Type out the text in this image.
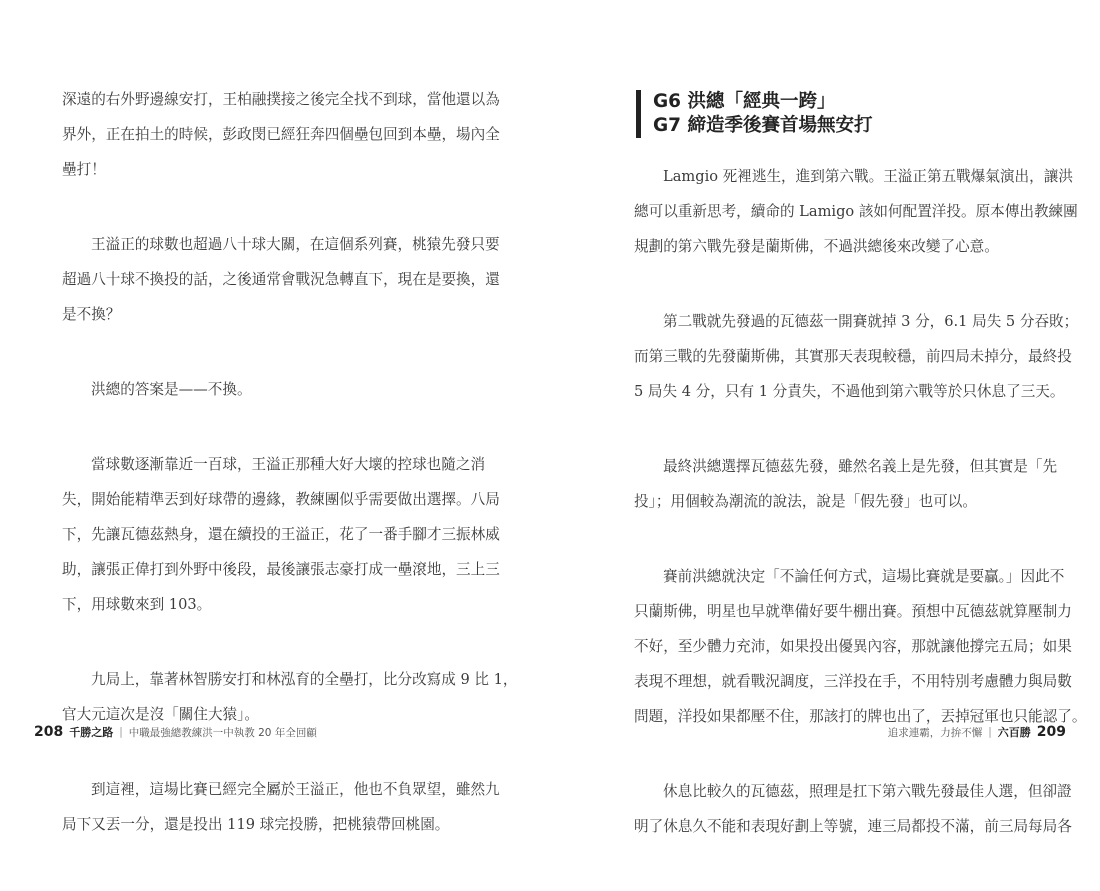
深遠的右外野邊線安打，王柏融撲接之後完全找不到球，當他還以為
界外，正在拍土的時候，彭政閔已經狂奔四個壘包回到本壘，場內全
壘打！
王溢正的球數也超過八十球大關，在這個系列賽，桃猿先發只要
超過八十球不換投的話，之後通常會戰況急轉直下，現在是要換，還
是不換？
洪總的答案是——不換。
當球數逐漸靠近一百球，王溢正那種大好大壞的控球也隨之消
失，開始能精準丟到好球帶的邊緣，教練團似乎需要做出選擇。八局
下，先讓瓦德茲熱身，還在續投的王溢正，花了一番手腳才三振林威
助，讓張正偉打到外野中後段，最後讓張志豪打成一壘滾地，三上三
下，用球數來到 103。
九局上，靠著林智勝安打和林泓育的全壘打，比分改寫成 9 比 1，
官大元這次是沒「關住大猿」。
到這裡，這場比賽已經完全屬於王溢正，他也不負眾望，雖然九
局下又丟一分，還是投出 119 球完投勝，把桃猿帶回桃園。
G6 洪總「經典一跨」
G7 締造季後賽首場無安打
Lamgio 死裡逃生，進到第六戰。王溢正第五戰爆氣演出，讓洪
總可以重新思考，續命的 Lamigo 該如何配置洋投。原本傳出教練團
規劃的第六戰先發是蘭斯佛，不過洪總後來改變了心意。
第二戰就先發過的瓦德茲一開賽就掉 3 分，6.1 局失 5 分吞敗；
而第三戰的先發蘭斯佛，其實那天表現較穩，前四局未掉分，最終投
5 局失 4 分，只有 1 分責失，不過他到第六戰等於只休息了三天。
最終洪總選擇瓦德茲先發，雖然名義上是先發，但其實是「先
投」；用個較為潮流的說法，說是「假先發」也可以。
賽前洪總就決定「不論任何方式，這場比賽就是要贏。」因此不
只蘭斯佛，明星也早就準備好要牛棚出賽。預想中瓦德茲就算壓制力
不好，至少體力充沛，如果投出優異內容，那就讓他撐完五局；如果
表現不理想，就看戰況調度，三洋投在手，不用特別考慮體力與局數
問題，洋投如果都壓不住，那該打的牌也出了，丟掉冠軍也只能認了。
休息比較久的瓦德茲，照理是扛下第六戰先發最佳人選，但卻證
明了休息久不能和表現好劃上等號，連三局都投不滿，前三局每局各
208 千勝之路 | 中職最強總教練洪一中執教 20 年全回顧	追求連霸，力拚不懈 | 六百勝 209
